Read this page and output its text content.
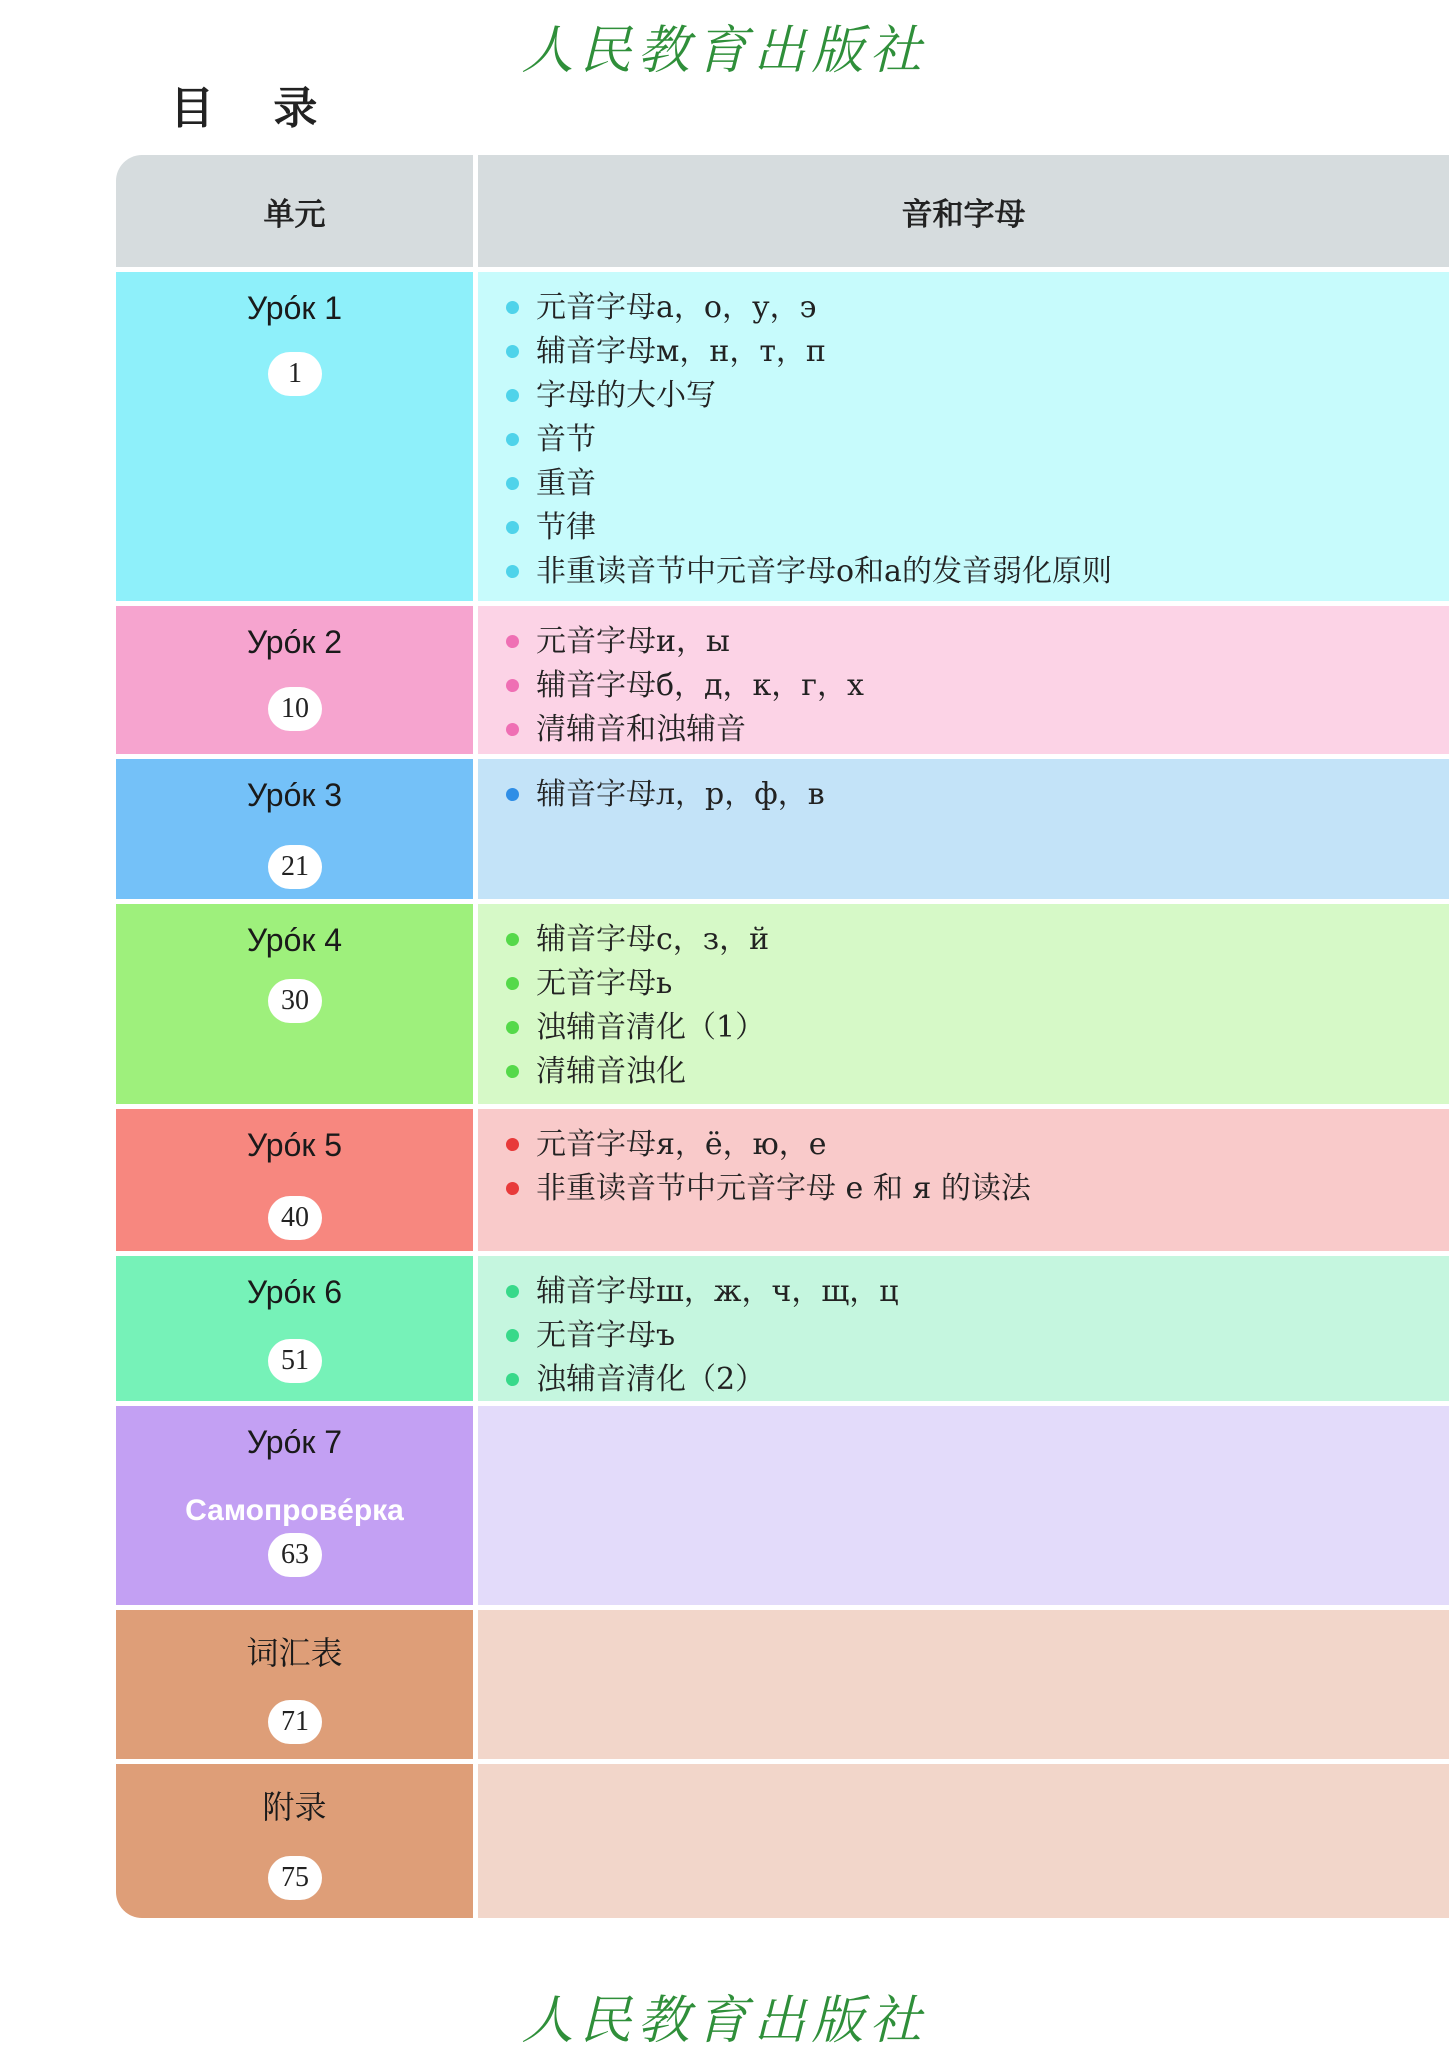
人民教育出版社
目 录
单元	音和字母
Урóк 1
1
元音字母а，о，у，э
辅音字母м，н，т，п
字母的大小写
音节
重音
节律
非重读音节中元音字母о和а的发音弱化原则
Урóк 2
10
元音字母и，ы
辅音字母б，д，к，г，х
清辅音和浊辅音
Урóк 3
21
辅音字母л，р，ф，в
Урóк 4
30
辅音字母с，з，й
无音字母ь
浊辅音清化（1）
清辅音浊化
Урóк 5
40
元音字母я，ё，ю，е
非重读音节中元音字母 е 和 я 的读法
Урóк 6
51
辅音字母ш，ж，ч，щ，ц
无音字母ъ
浊辅音清化（2）
Урóк 7
Самопровéрка
63
词汇表
71
附录
75
人民教育出版社
